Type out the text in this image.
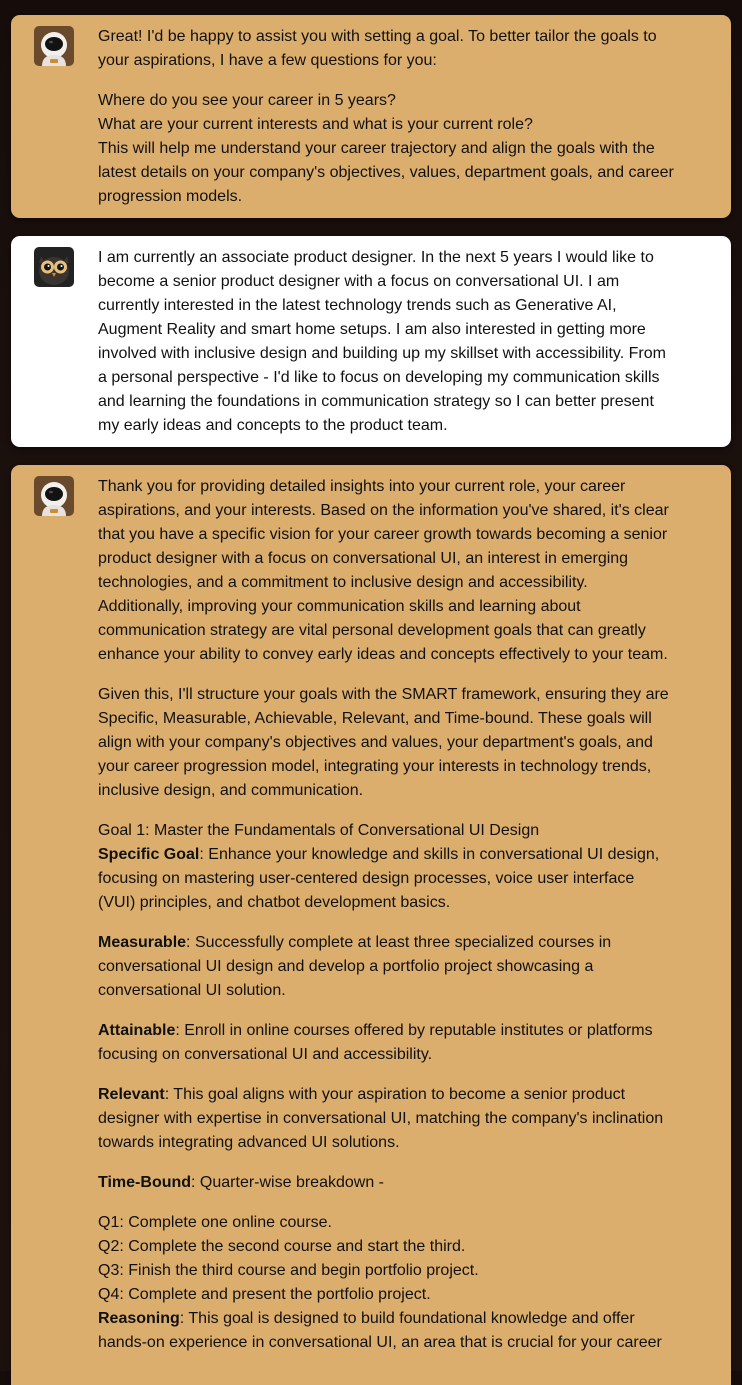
Great! I'd be happy to assist you with setting a goal. To better tailor the goals to your aspirations, I have a few questions for you:

Where do you see your career in 5 years?

What are your current interests and what is your current role?

This will help me understand your career trajectory and align the goals with the latest details on your company's objectives, values, department goals, and career progression models.

I am currently an associate product designer. In the next 5 years I would like to become a senior product designer with a focus on conversational UI. I am currently interested in the latest technology trends such as Generative AI, Augment Reality and smart home setups. I am also interested in getting more involved with inclusive design and building up my skillset with accessibility. From a personal perspective - I'd like to focus on developing my communication skills and learning the foundations in communication strategy so I can better present my early ideas and concepts to the product team.

Thank you for providing detailed insights into your current role, your career aspirations, and your interests. Based on the information you've shared, it's clear that you have a specific vision for your career growth towards becoming a senior product designer with a focus on conversational UI, an interest in emerging technologies, and a commitment to inclusive design and accessibility. Additionally, improving your communication skills and learning about communication strategy are vital personal development goals that can greatly enhance your ability to convey early ideas and concepts effectively to your team.

Given this, I'll structure your goals with the SMART framework, ensuring they are Specific, Measurable, Achievable, Relevant, and Time-bound. These goals will align with your company's objectives and values, your department's goals, and your career progression model, integrating your interests in technology trends, inclusive design, and communication.

Goal 1: Master the Fundamentals of Conversational UI Design

Specific Goal: Enhance your knowledge and skills in conversational UI design, focusing on mastering user-centered design processes, voice user interface (VUI) principles, and chatbot development basics.

Measurable: Successfully complete at least three specialized courses in conversational UI design and develop a portfolio project showcasing a conversational UI solution.

Attainable: Enroll in online courses offered by reputable institutes or platforms focusing on conversational UI and accessibility.

Relevant: This goal aligns with your aspiration to become a senior product designer with expertise in conversational UI, matching the company's inclination towards integrating advanced UI solutions.

Time-Bound: Quarter-wise breakdown -

Q1: Complete one online course.

Q2: Complete the second course and start the third.

Q3: Finish the third course and begin portfolio project.

Q4: Complete and present the portfolio project.

Reasoning: This goal is designed to build foundational knowledge and offer hands-on experience in conversational UI, an area that is crucial for your career
